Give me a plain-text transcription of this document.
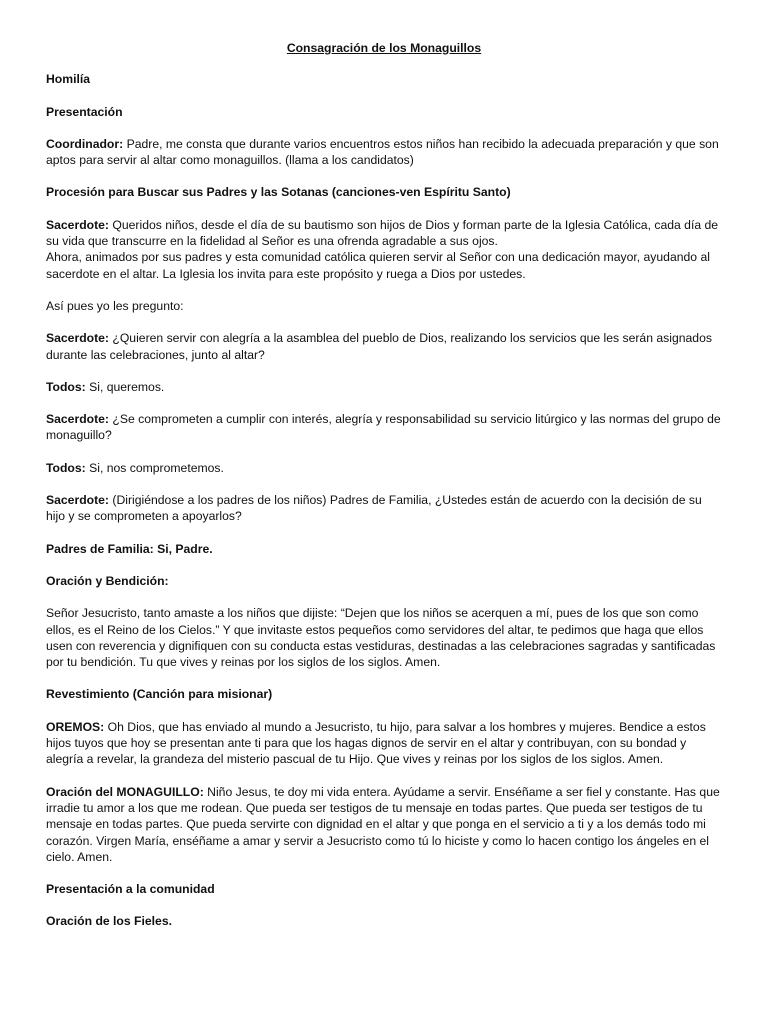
Consagración de los Monaguillos

Homilía

Presentación

Coordinador: Padre, me consta que durante varios encuentros estos niños han recibido la adecuada preparación y que son aptos para servir al altar como monaguillos. (llama a los candidatos)

Procesión para Buscar sus Padres y las Sotanas (canciones-ven Espíritu Santo)

Sacerdote: Queridos niños, desde el día de su bautismo son hijos de Dios y forman parte de la Iglesia Católica, cada día de su vida que transcurre en la fidelidad al Señor es una ofrenda agradable a sus ojos.
Ahora, animados por sus padres y esta comunidad católica quieren servir al Señor con una dedicación mayor, ayudando al sacerdote en el altar. La Iglesia los invita para este propósito y ruega a Dios por ustedes.

Así pues yo les pregunto:

Sacerdote: ¿Quieren servir con alegría a la asamblea del pueblo de Dios, realizando los servicios que les serán asignados durante las celebraciones, junto al altar?

Todos: Si, queremos.

Sacerdote: ¿Se comprometen a cumplir con interés, alegría y responsabilidad su servicio litúrgico y las normas del grupo de monaguillo?

Todos: Si, nos comprometemos.

Sacerdote: (Dirigiéndose a los padres de los niños) Padres de Familia, ¿Ustedes están de acuerdo con la decisión de su hijo y se comprometen a apoyarlos?

Padres de Familia: Si, Padre.

Oración y Bendición:

Señor Jesucristo, tanto amaste a los niños que dijiste: “Dejen que los niños se acerquen a mí, pues de los que son como ellos, es el Reino de los Cielos.” Y que invitaste estos pequeños como servidores del altar, te pedimos que haga que ellos usen con reverencia y dignifiquen con su conducta estas vestiduras, destinadas a las celebraciones sagradas y santificadas por tu bendición. Tu que vives y reinas por los siglos de los siglos. Amen.

Revestimiento (Canción para misionar)

OREMOS: Oh Dios, que has enviado al mundo a Jesucristo, tu hijo, para salvar a los hombres y mujeres. Bendice a estos hijos tuyos que hoy se presentan ante ti para que los hagas dignos de servir en el altar y contribuyan, con su bondad y alegría a revelar, la grandeza del misterio pascual de tu Hijo. Que vives y reinas por los siglos de los siglos. Amen.

Oración del MONAGUILLO: Niño Jesus, te doy mi vida entera. Ayúdame a servir. Enséñame a ser fiel y constante. Has que irradie tu amor a los que me rodean. Que pueda ser testigos de tu mensaje en todas partes. Que pueda ser testigos de tu mensaje en todas partes. Que pueda servirte con dignidad en el altar y que ponga en el servicio a ti y a los demás todo mi corazón. Virgen María, enséñame a amar y servir a Jesucristo como tú lo hiciste y como lo hacen contigo los ángeles en el cielo. Amen.

Presentación a la comunidad

Oración de los Fieles.
